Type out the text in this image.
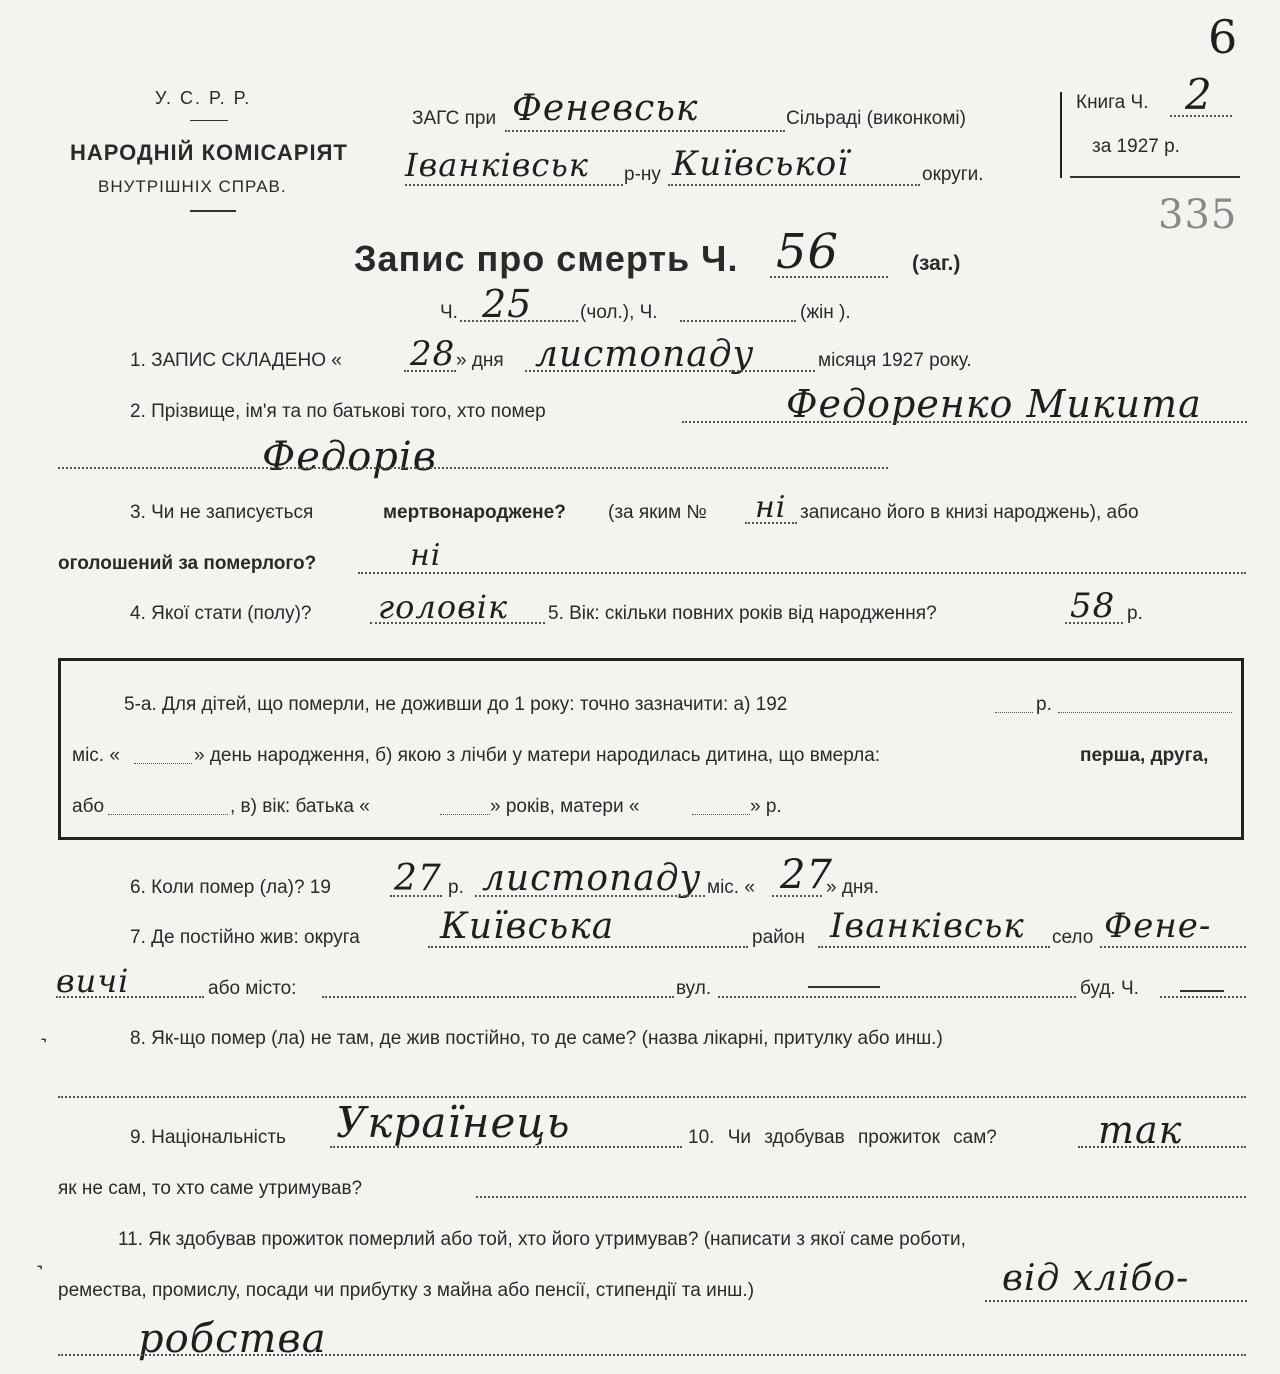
У. С. Р. Р.
НАРОДНІЙ КОМІСАРІЯТ
ВНУТРІШНІХ СПРАВ.
ЗАГС при Феневськ	Сільраді (виконкомі)
Іванківськ р-ну Київської	округи.
Книга Ч. 2
за 1927 р.
6
335
Запис про смерть Ч. 56	(заг.)
Ч. 25	(чол.), Ч.	(жін ).
1. ЗАПИС СКЛАДЕНО « 28 » дня листопаду	місяця 1927 року.
2. Прізвище, ім'я та по батькові того, хто помер	Федоренко Микита
Федорів
3. Чи не записується	мертвонароджене? (за яким № ні записано його в книзі народжень), або
оголошений за померлого?	ні
4. Якої стати (полу)? головік 5. Вік: скільки повних років від народження?	58 р.
5-а. Для дітей, що померли, не доживши до 1 року: точно зазначити: а) 192	р.
міс. «	» день народження, б) якою з лічби у матери народилась дитина, що вмерла:	перша, друга,
або	, в) вік: батька «	» років, матери «	» р.
6. Коли помер (ла)? 19 27 р. листопаду міс. « 27
» дня.
7. Де постійно жив: округа Київська	район Іванківськ село Фене-
вичі	або місто:	вул.	буд. Ч.
˺	8. Як-що помер (ла) не там, де жив постійно, то де саме? (назва лікарні, притулку або инш.)
9. Національність Українець	10. Чи здобував прожиток сам?	так
як не сам, то хто саме утримував?
11. Як здобував прожиток померлий або той, хто його утримував? (написати з якої саме роботи,
˺
ремества, промислу, посади чи прибутку з майна або пенсії, стипендії та инш.)	від хлібо-
робства
